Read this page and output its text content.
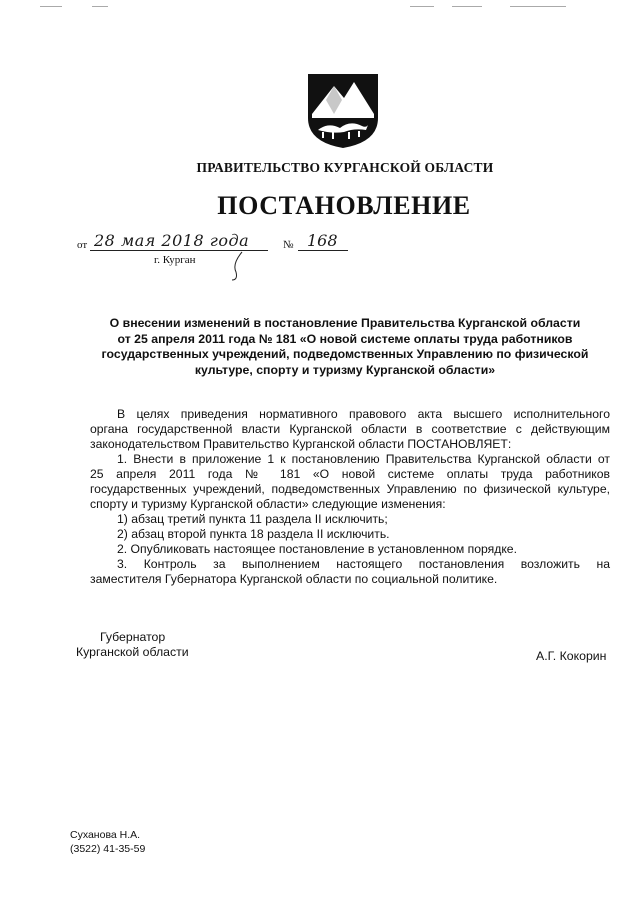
ПРАВИТЕЛЬСТВО КУРГАНСКОЙ ОБЛАСТИ
ПОСТАНОВЛЕНИЕ
от 28 мая 2018 года	№ 168
г. Курган
О внесении изменений в постановление Правительства Курганской области
от 25 апреля 2011 года № 181 «О новой системе оплаты труда работников
государственных учреждений, подведомственных Управлению по физической
культуре, спорту и туризму Курганской области»
В целях приведения нормативного правового акта высшего исполнительного
органа государственной власти Курганской области в соответствие с действующим
законодательством Правительство Курганской области ПОСТАНОВЛЯЕТ:
1. Внести в приложение 1 к постановлению Правительства Курганской области от
25 апреля 2011 года № 181 «О новой системе оплаты труда работников
государственных учреждений, подведомственных Управлению по физической культуре,
спорту и туризму Курганской области» следующие изменения:
1) абзац третий пункта 11 раздела II исключить;
2) абзац второй пункта 18 раздела II исключить.
2. Опубликовать настоящее постановление в установленном порядке.
3. Контроль за выполнением настоящего постановления возложить на
заместителя Губернатора Курганской области по социальной политике.
Губернатор
Курганской области	А.Г. Кокорин
Суханова Н.А.
(3522) 41-35-59
